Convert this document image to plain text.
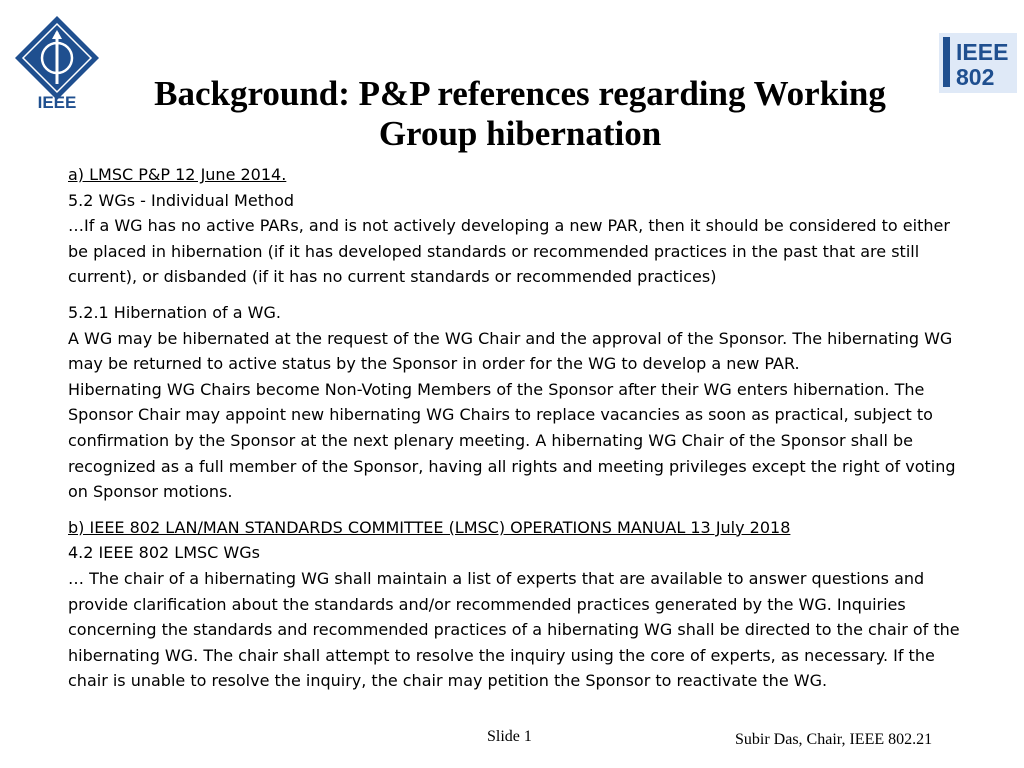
IEEE
IEEE
802
Background: P&P references regarding Working
Group hibernation
a) LMSC P&P 12 June 2014.
5.2 WGs - Individual Method
…If a WG has no active PARs, and is not actively developing a new PAR, then it should be considered to either
be placed in hibernation (if it has developed standards or recommended practices in the past that are still
current), or disbanded (if it has no current standards or recommended practices)
5.2.1 Hibernation of a WG.
A WG may be hibernated at the request of the WG Chair and the approval of the Sponsor. The hibernating WG
may be returned to active status by the Sponsor in order for the WG to develop a new PAR.
Hibernating WG Chairs become Non-Voting Members of the Sponsor after their WG enters hibernation. The
Sponsor Chair may appoint new hibernating WG Chairs to replace vacancies as soon as practical, subject to
confirmation by the Sponsor at the next plenary meeting. A hibernating WG Chair of the Sponsor shall be
recognized as a full member of the Sponsor, having all rights and meeting privileges except the right of voting
on Sponsor motions.
b) IEEE 802 LAN/MAN STANDARDS COMMITTEE (LMSC) OPERATIONS MANUAL 13 July 2018
4.2 IEEE 802 LMSC WGs
… The chair of a hibernating WG shall maintain a list of experts that are available to answer questions and
provide clarification about the standards and/or recommended practices generated by the WG. Inquiries
concerning the standards and recommended practices of a hibernating WG shall be directed to the chair of the
hibernating WG. The chair shall attempt to resolve the inquiry using the core of experts, as necessary. If the
chair is unable to resolve the inquiry, the chair may petition the Sponsor to reactivate the WG.
Slide 1	Subir Das, Chair, IEEE 802.21
